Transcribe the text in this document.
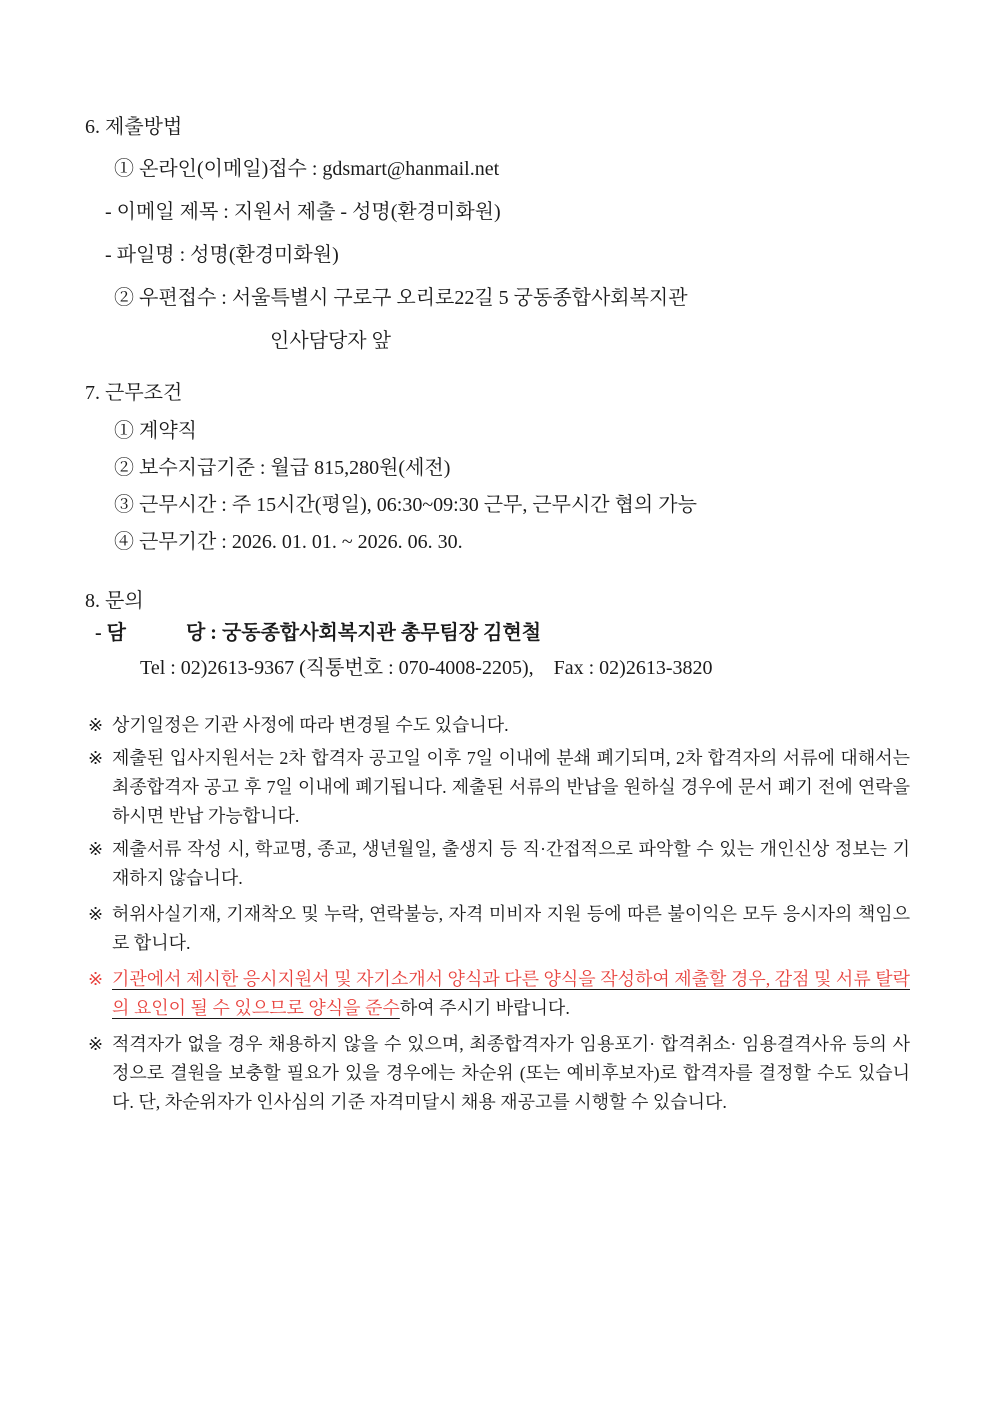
6. 제출방법
① 온라인(이메일)접수 : gdsmart@hanmail.net
- 이메일 제목 : 지원서 제출 - 성명(환경미화원)
- 파일명 : 성명(환경미화원)
② 우편접수 : 서울특별시 구로구 오리로22길 5 궁동종합사회복지관
인사담당자 앞
7. 근무조건
① 계약직
② 보수지급기준 : 월급 815,280원(세전)
③ 근무시간 : 주 15시간(평일), 06:30~09:30 근무, 근무시간 협의 가능
④ 근무기간 : 2026. 01. 01. ~ 2026. 06. 30.
8. 문의
- 담　　　당 : 궁동종합사회복지관 총무팀장 김현철
Tel : 02)2613-9367 (직통번호 : 070-4008-2205),　Fax : 02)2613-3820
※ 상기일정은 기관 사정에 따라 변경될 수도 있습니다.
※ 제출된 입사지원서는 2차 합격자 공고일 이후 7일 이내에 분쇄 폐기되며, 2차 합격자의 서류에 대해서는 최종합격자 공고 후 7일 이내에 폐기됩니다. 제출된 서류의 반납을 원하실 경우에 문서 폐기 전에 연락을 하시면 반납 가능합니다.
※ 제출서류 작성 시, 학교명, 종교, 생년월일, 출생지 등 직·간접적으로 파악할 수 있는 개인신상 정보는 기재하지 않습니다.
※ 허위사실기재, 기재착오 및 누락, 연락불능, 자격 미비자 지원 등에 따른 불이익은 모두 응시자의 책임으로 합니다.
※ 기관에서 제시한 응시지원서 및 자기소개서 양식과 다른 양식을 작성하여 제출할 경우, 감점 및 서류 탈락의 요인이 될 수 있으므로 양식을 준수하여 주시기 바랍니다.
※ 적격자가 없을 경우 채용하지 않을 수 있으며, 최종합격자가 임용포기· 합격취소· 임용결격사유 등의 사정으로 결원을 보충할 필요가 있을 경우에는 차순위 (또는 예비후보자)로 합격자를 결정할 수도 있습니다. 단, 차순위자가 인사심의 기준 자격미달시 채용 재공고를 시행할 수 있습니다.
